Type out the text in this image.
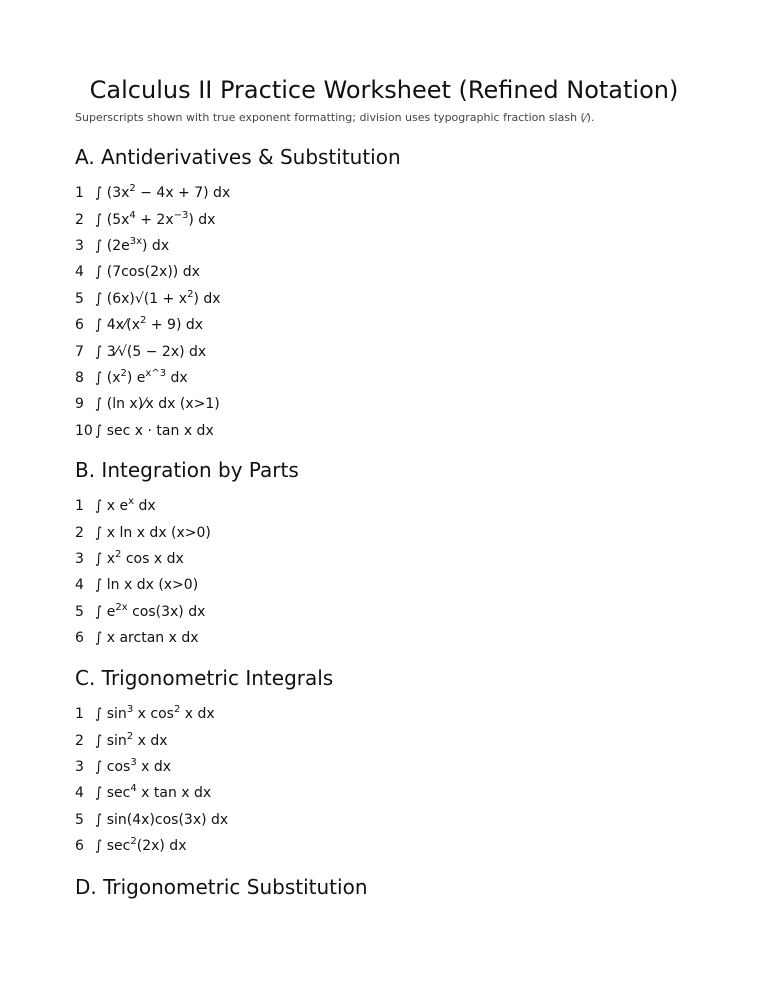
Calculus II Practice Worksheet (Refined Notation)

Superscripts shown with true exponent formatting; division uses typographic fraction slash (⁄).

A. Antiderivatives & Substitution
1 ∫ $(3x^2 - 4x + 7)$ dx
2 ∫ $(5x^4 + 2x^{-3})$ dx
3 ∫ $(2e^{3x})$ dx
4 ∫ (7cos(2x)) dx
5 ∫ $(6x)√(1 + x^2)$ dx
6 ∫ $4x⁄(x^2 + 9)$ dx
7 ∫ 3⁄√(5 − 2x) dx
8 ∫ $(x^2)$ $e^{x\^{}3}$ dx
9 ∫ (ln x)⁄x dx (x>1)
10 ∫ sec x · tan x dx
B. Integration by Parts
1 ∫ x $e^x$ dx
2 ∫ x ln x dx (x>0)
3 ∫ $x^2$ cos x dx
4 ∫ ln x dx (x>0)
5 ∫ $e^{2x}$ cos(3x) dx
6 ∫ x arctan x dx
C. Trigonometric Integrals
1 ∫ $\sin^3 x$ $\cos^2 x$ dx
2 ∫ $\sin^2 x$ dx
3 ∫ $\cos^3 x$ dx
4 ∫ $\sec^4 x$ tan x dx
5 ∫ sin(4x)cos(3x) dx
6 ∫ $\sec^2(2x)$ dx
D. Trigonometric Substitution
